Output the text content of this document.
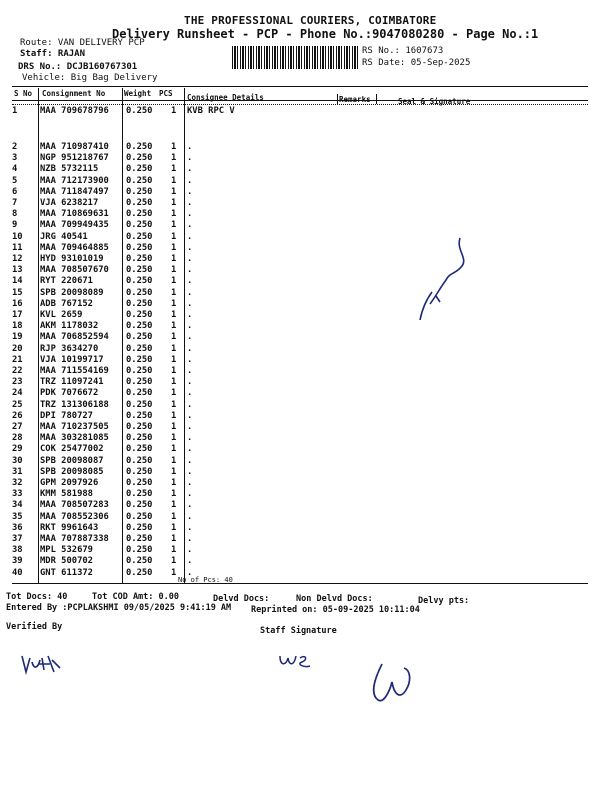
THE PROFESSIONAL COURIERS, COIMBATORE
Delivery Runsheet - PCP - Phone No.:9047080280 - Page No.:1
Route: VAN DELIVERY PCP
Staff: RAJAN
DRS No.: DCJB160767301
Vehicle: Big Bag Delivery
RS No.: 1607673
RS Date: 05-Sep-2025
S No Consignment No	Weight PCS Consignee Details	Remarks	Seal & Signature
1	MAA 709678796 0.250 1 KVB RPC V
2	MAA 710987410 0.250 1 .
3	NGP 951218767 0.250 1 .
4	NZB 5732115	0.250 1 .
5	MAA 712173900 0.250 1 .
6	MAA 711847497 0.250 1 .
7	VJA 6238217	0.250 1 .
8	MAA 710869631 0.250 1 .
9	MAA 709949435 0.250 1 .
10 JRG 40541	0.250 1 .
11 MAA 709464885 0.250 1 .
12 HYD 93101019	0.250 1 .
13 MAA 708507670 0.250 1 .
14 RYT 220671	0.250 1 .
15 SPB 20098089	0.250 1 .
16 ADB 767152	0.250 1 .
17 KVL 2659	0.250 1 .
18 AKM 1178032	0.250 1 .
19 MAA 706852594 0.250 1 .
20 RJP 3634270	0.250 1 .
21 VJA 10199717	0.250 1 .
22 MAA 711554169 0.250 1 .
23 TRZ 11097241	0.250 1 .
24 PDK 7076672	0.250 1 .
25 TRZ 131306188 0.250 1 .
26 DPI 780727	0.250 1 .
27 MAA 710237505 0.250 1 .
28 MAA 303281085 0.250 1 .
29 COK 25477002	0.250 1 .
30 SPB 20098087	0.250 1 .
31 SPB 20098085	0.250 1 .
32 GPM 2097926	0.250 1 .
33 KMM 581988	0.250 1 .
34 MAA 708507283 0.250 1 .
35 MAA 708552306 0.250 1 .
36 RKT 9961643	0.250 1 .
37 MAA 707887338 0.250 1 .
38 MPL 532679	0.250 1 .
39 MDR 500702	0.250 1 .
40 GNT 611372	0.250 1 .
No of Pcs: 40
Tot Docs: 40	Tot COD Amt: 0.00	Delvd Docs:	Non Delvd Docs:	Delvy pts:
Entered By :PCPLAKSHMI 09/05/2025 9:41:19 AM Reprinted on: 05-09-2025 10:11:04
Verified By	Staff Signature
